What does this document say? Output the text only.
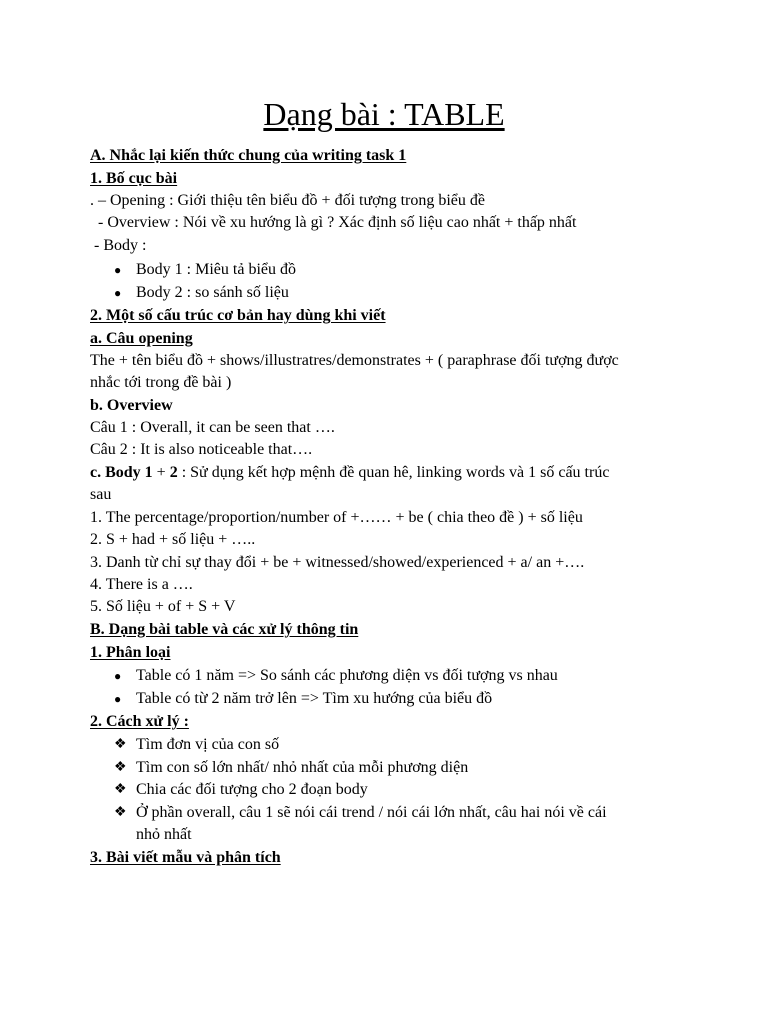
Dạng bài : TABLE
A. Nhắc lại kiến thức chung của writing task 1
1. Bố cục bài
. – Opening : Giới thiệu tên biểu đồ + đối tượng trong biểu đề
- Overview : Nói về xu hướng là gì ? Xác định số liệu cao nhất + thấp nhất
- Body :
● Body 1 : Miêu tả biểu đồ
● Body 2 : so sánh số liệu
2. Một số cấu trúc cơ bản hay dùng khi viết
a. Câu opening
The + tên biểu đồ + shows/illustratres/demonstrates + ( paraphrase đối tượng được
nhắc tới trong đề bài )
b. Overview
Câu 1 : Overall, it can be seen that ….
Câu 2 : It is also noticeable that….
c. Body 1 + 2 : Sử dụng kết hợp mệnh đề quan hê, linking words và 1 số cấu trúc
sau
1. The percentage/proportion/number of +…… + be ( chia theo đề ) + số liệu
2. S + had + số liệu + …..
3. Danh từ chỉ sự thay đổi + be + witnessed/showed/experienced + a/ an +….
4. There is a ….
5. Số liệu + of + S + V
B. Dạng bài table và các xử lý thông tin
1. Phân loại
● Table có 1 năm => So sánh các phương diện vs đối tượng vs nhau
● Table có từ 2 năm trở lên => Tìm xu hướng của biểu đồ
2. Cách xử lý :
❖ Tìm đơn vị của con số
❖ Tìm con số lớn nhất/ nhỏ nhất của mỗi phương diện
❖ Chia các đối tượng cho 2 đoạn body
❖ Ở phần overall, câu 1 sẽ nói cái trend / nói cái lớn nhất, câu hai nói về cái
nhỏ nhất
3. Bài viết mẫu và phân tích
